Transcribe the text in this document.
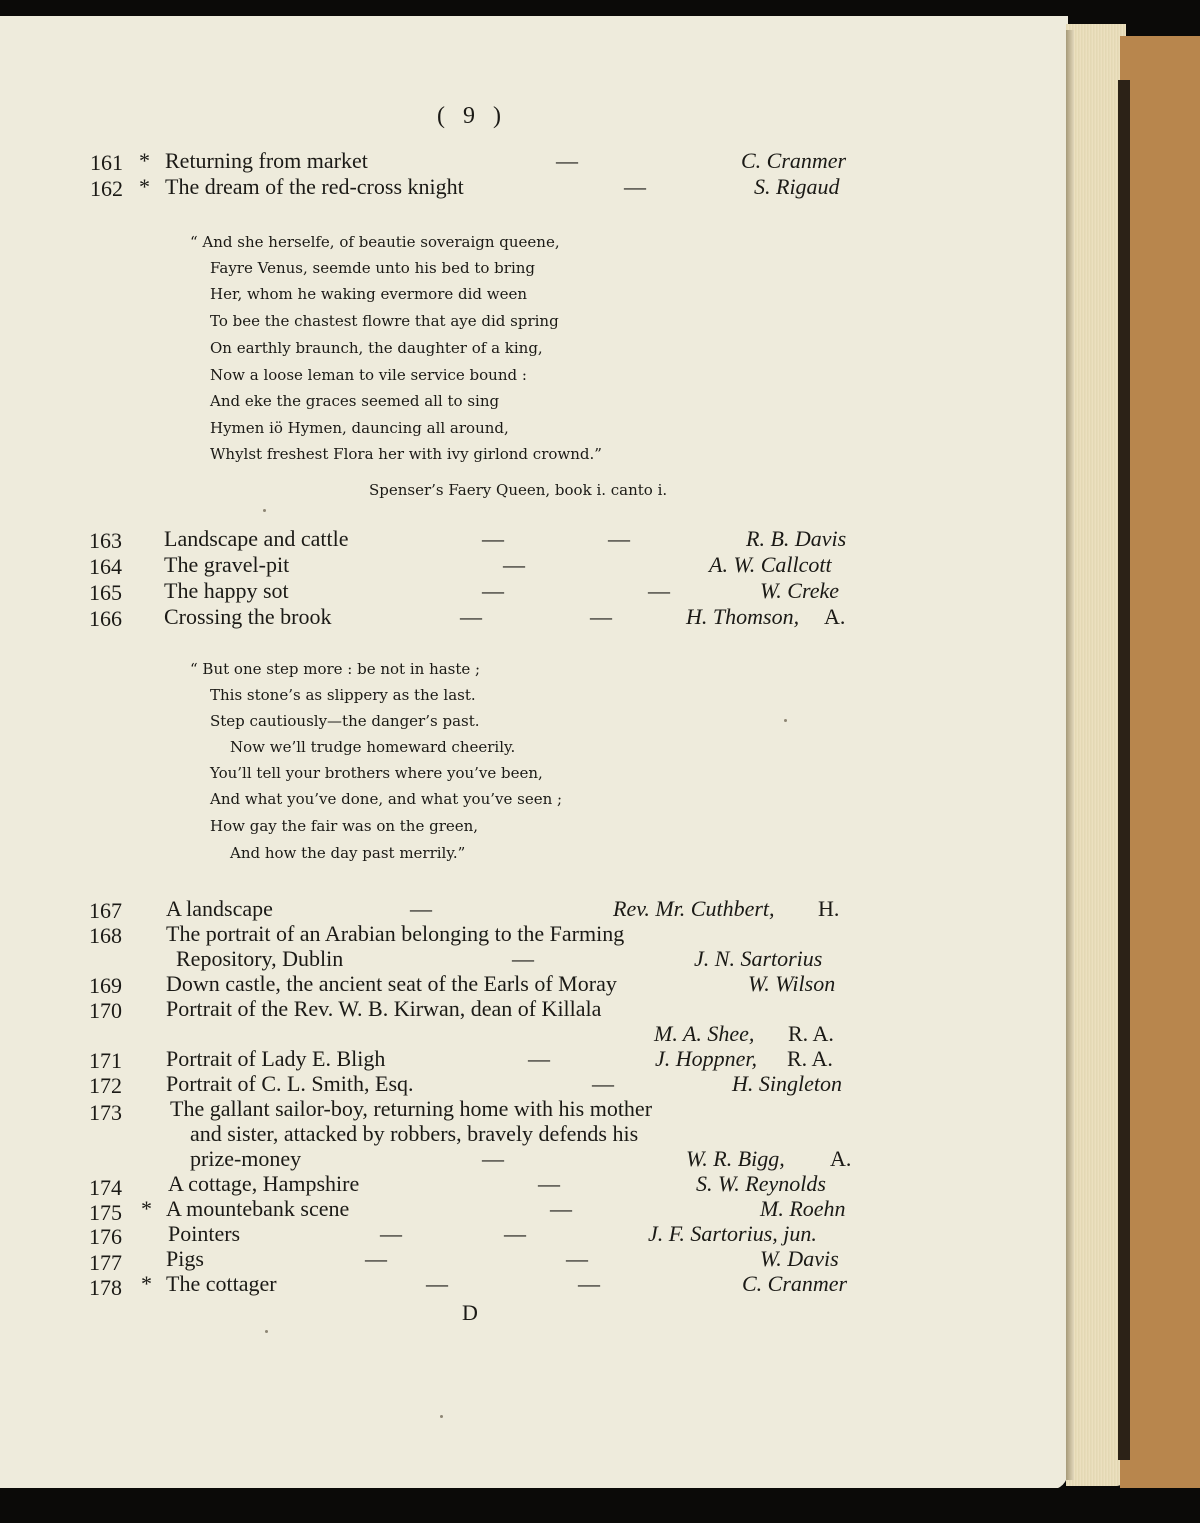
( 9 )
161 * Returning from market	—	C. Cranmer
162 * The dream of the red-cross knight	—	S. Rigaud
“ And she herselfe, of beautie soveraign queene,
Fayre Venus, seemde unto his bed to bring
Her, whom he waking evermore did ween
To bee the chastest flowre that aye did spring
On earthly braunch, the daughter of a king,
Now a loose leman to vile service bound :
And eke the graces seemed all to sing
Hymen iö Hymen, dauncing all around,
Whylst freshest Flora her with ivy girlond crownd.”
Spenser’s Faery Queen, book i. canto i.
163 Landscape and cattle	—	—	R. B. Davis
164 The gravel-pit	—	A. W. Callcott
165 The happy sot	—	—	W. Creke
166 Crossing the brook	—	—	H. Thomson, A.
“ But one step more : be not in haste ;
This stone’s as slippery as the last.
Step cautiously—the danger’s past.
Now we’ll trudge homeward cheerily.
You’ll tell your brothers where you’ve been,
And what you’ve done, and what you’ve seen ;
How gay the fair was on the green,
And how the day past merrily.”
167 A landscape	—	Rev. Mr. Cuthbert, H.
168 The portrait of an Arabian belonging to the Farming
Repository, Dublin	—	J. N. Sartorius
169 Down castle, the ancient seat of the Earls of Moray	W. Wilson
170 Portrait of the Rev. W. B. Kirwan, dean of Killala
M. A. Shee, R. A.
171 Portrait of Lady E. Bligh	—	J. Hoppner, R. A.
172 Portrait of C. L. Smith, Esq.	—	H. Singleton
173 The gallant sailor-boy, returning home with his mother
and sister, attacked by robbers, bravely defends his
prize-money	—	W. R. Bigg, A.
174 A cottage, Hampshire	—	S. W. Reynolds
175 * A mountebank scene	—	M. Roehn
176 Pointers	—	—	J. F. Sartorius, jun.
177 Pigs	—	—	W. Davis
178 * The cottager	—	—	C. Cranmer
D
